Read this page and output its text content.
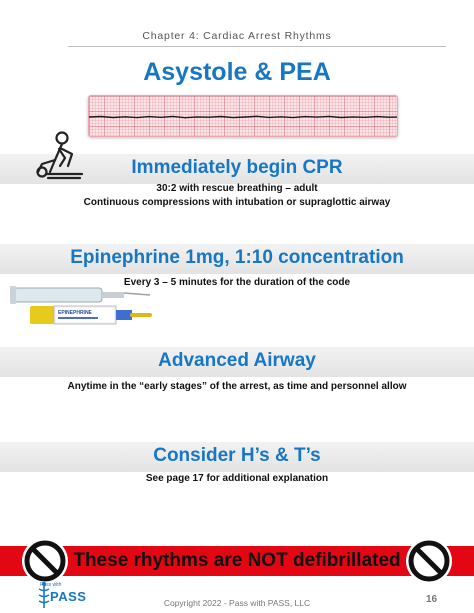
Chapter 4: Cardiac Arrest Rhythms
Asystole & PEA
Immediately begin CPR
30:2 with rescue breathing – adult
Continuous compressions with intubation or supraglottic airway
Epinephrine 1mg, 1:10 concentration
Every 3 – 5 minutes for the duration of the code
EPINEPHRINE
Advanced Airway
Anytime in the “early stages” of the arrest, as time and personnel allow
Consider H’s & T’s
See page 17 for additional explanation
These rhythms are NOT defibrillated
Pass with
PASS	Copyright 2022 - Pass with PASS, LLC	16
